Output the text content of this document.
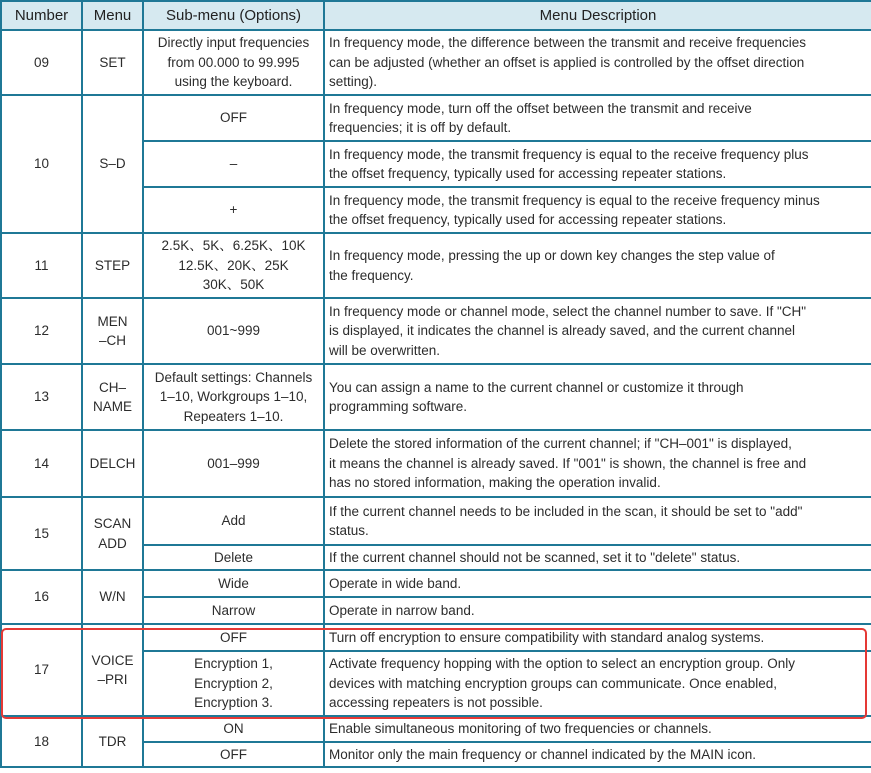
Number	Menu	Sub-menu (Options)	Menu Description
09	SET	Directly input frequencies
from 00.000 to 99.995
using the keyboard.	In frequency mode, the difference between the transmit and receive frequencies
can be adjusted (whether an offset is applied is controlled by the offset direction
setting).
10	S–D	OFF	In frequency mode, turn off the offset between the transmit and receive
frequencies; it is off by default.
		–	In frequency mode, the transmit frequency is equal to the receive frequency plus
the offset frequency, typically used for accessing repeater stations.
		+	In frequency mode, the transmit frequency is equal to the receive frequency minus
the offset frequency, typically used for accessing repeater stations.
11	STEP	2.5K、5K、6.25K、10K
12.5K、20K、25K
30K、50K	In frequency mode, pressing the up or down key changes the step value of
the frequency.
12	MEN
–CH	001~999	In frequency mode or channel mode, select the channel number to save. If "CH"
is displayed, it indicates the channel is already saved, and the current channel
will be overwritten.
13	CH–
NAME	Default settings: Channels
1–10, Workgroups 1–10,
Repeaters 1–10.	You can assign a name to the current channel or customize it through
programming software.
14	DELCH	001–999	Delete the stored information of the current channel; if "CH–001" is displayed,
it means the channel is already saved. If "001" is shown, the channel is free and
has no stored information, making the operation invalid.
15	SCAN
ADD	Add	If the current channel needs to be included in the scan, it should be set to "add"
status.
		Delete	If the current channel should not be scanned, set it to "delete" status.
16	W/N	Wide	Operate in wide band.
		Narrow	Operate in narrow band.
17	VOICE
–PRI	OFF	Turn off encryption to ensure compatibility with standard analog systems.
		Encryption 1,
Encryption 2,
Encryption 3.	Activate frequency hopping with the option to select an encryption group. Only
devices with matching encryption groups can communicate. Once enabled,
accessing repeaters is not possible.
18	TDR	ON	Enable simultaneous monitoring of two frequencies or channels.
		OFF	Monitor only the main frequency or channel indicated by the MAIN icon.
